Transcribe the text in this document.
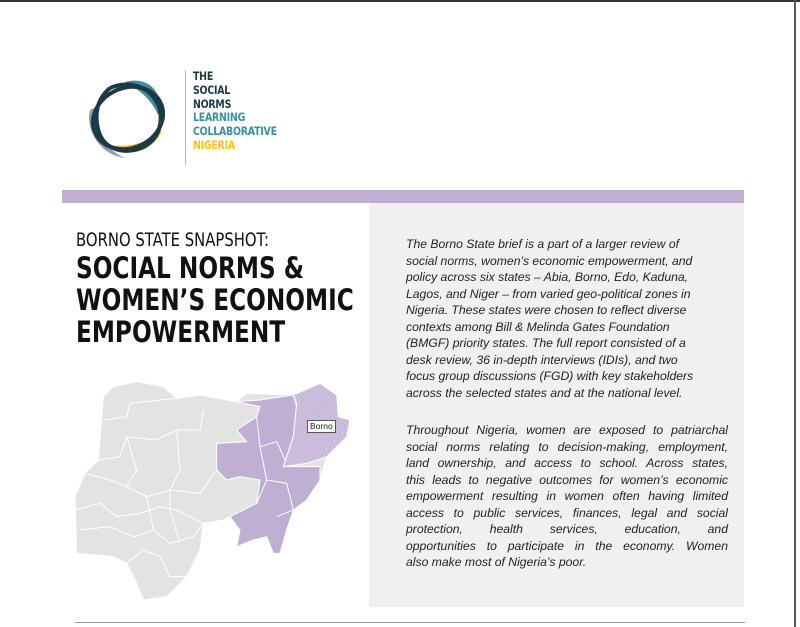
THE
SOCIAL
NORMS
LEARNING
COLLABORATIVE
NIGERIA
BORNO STATE SNAPSHOT:
SOCIAL NORMS &
WOMEN’S ECONOMIC
EMPOWERMENT
The Borno State brief is a part of a larger review of
social norms, women’s economic empowerment, and
policy across six states – Abia, Borno, Edo, Kaduna,
Lagos, and Niger – from varied geo-political zones in
Nigeria. These states were chosen to reflect diverse
contexts among Bill & Melinda Gates Foundation
(BMGF) priority states. The full report consisted of a
desk review, 36 in-depth interviews (IDIs), and two
focus group discussions (FGD) with key stakeholders
across the selected states and at the national level.
Throughout Nigeria, women are exposed to patriarchal
social norms relating to decision-making, employment,
land ownership, and access to school. Across states,
this leads to negative outcomes for women’s economic
empowerment resulting in women often having limited
access to public services, finances, legal and social
protection, health services, education, and
opportunities to participate in the economy. Women
also make most of Nigeria’s poor.
Borno
